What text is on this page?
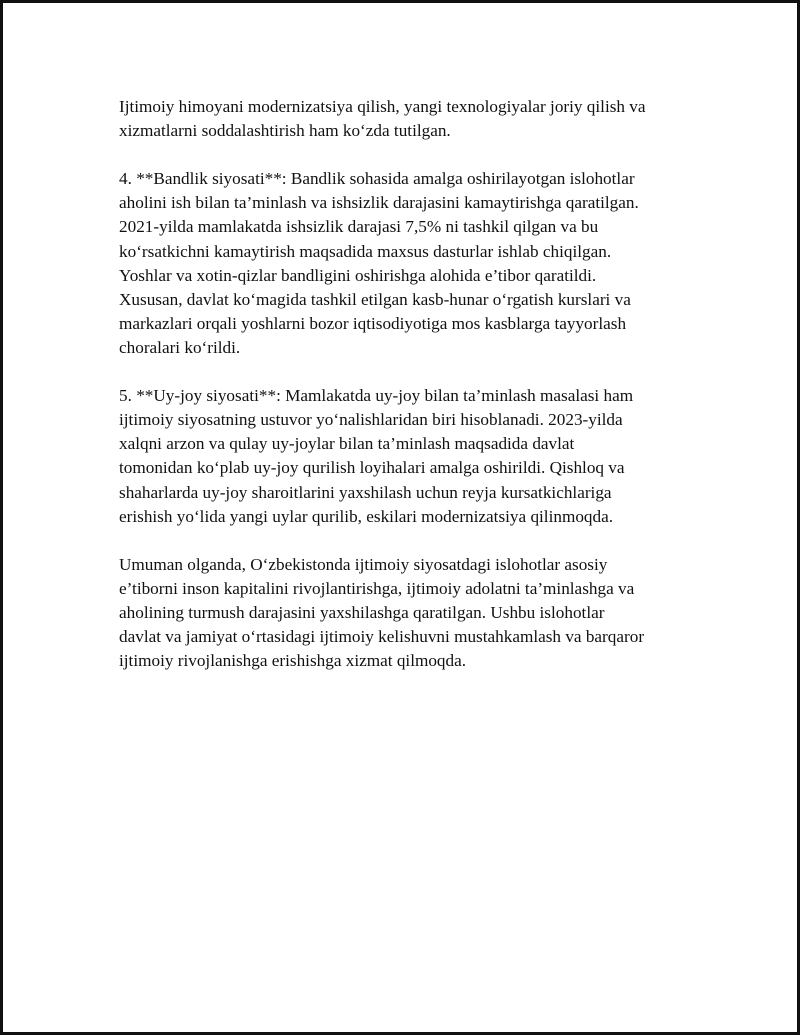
Ijtimoiy himoyani modernizatsiya qilish, yangi texnologiyalar joriy qilish va
xizmatlarni soddalashtirish ham ko‘zda tutilgan.

4. **Bandlik siyosati**: Bandlik sohasida amalga oshirilayotgan islohotlar
aholini ish bilan ta’minlash va ishsizlik darajasini kamaytirishga qaratilgan.
2021-yilda mamlakatda ishsizlik darajasi 7,5% ni tashkil qilgan va bu
ko‘rsatkichni kamaytirish maqsadida maxsus dasturlar ishlab chiqilgan.
Yoshlar va xotin-qizlar bandligini oshirishga alohida e’tibor qaratildi.
Xususan, davlat ko‘magida tashkil etilgan kasb-hunar o‘rgatish kurslari va
markazlari orqali yoshlarni bozor iqtisodiyotiga mos kasblarga tayyorlash
choralari ko‘rildi.

5. **Uy-joy siyosati**: Mamlakatda uy-joy bilan ta’minlash masalasi ham
ijtimoiy siyosatning ustuvor yo‘nalishlaridan biri hisoblanadi. 2023-yilda
xalqni arzon va qulay uy-joylar bilan ta’minlash maqsadida davlat
tomonidan ko‘plab uy-joy qurilish loyihalari amalga oshirildi. Qishloq va
shaharlarda uy-joy sharoitlarini yaxshilash uchun reyja kursatkichlariga
erishish yo‘lida yangi uylar qurilib, eskilari modernizatsiya qilinmoqda.

Umuman olganda, O‘zbekistonda ijtimoiy siyosatdagi islohotlar asosiy
e’tiborni inson kapitalini rivojlantirishga, ijtimoiy adolatni ta’minlashga va
aholining turmush darajasini yaxshilashga qaratilgan. Ushbu islohotlar
davlat va jamiyat o‘rtasidagi ijtimoiy kelishuvni mustahkamlash va barqaror
ijtimoiy rivojlanishga erishishga xizmat qilmoqda.
